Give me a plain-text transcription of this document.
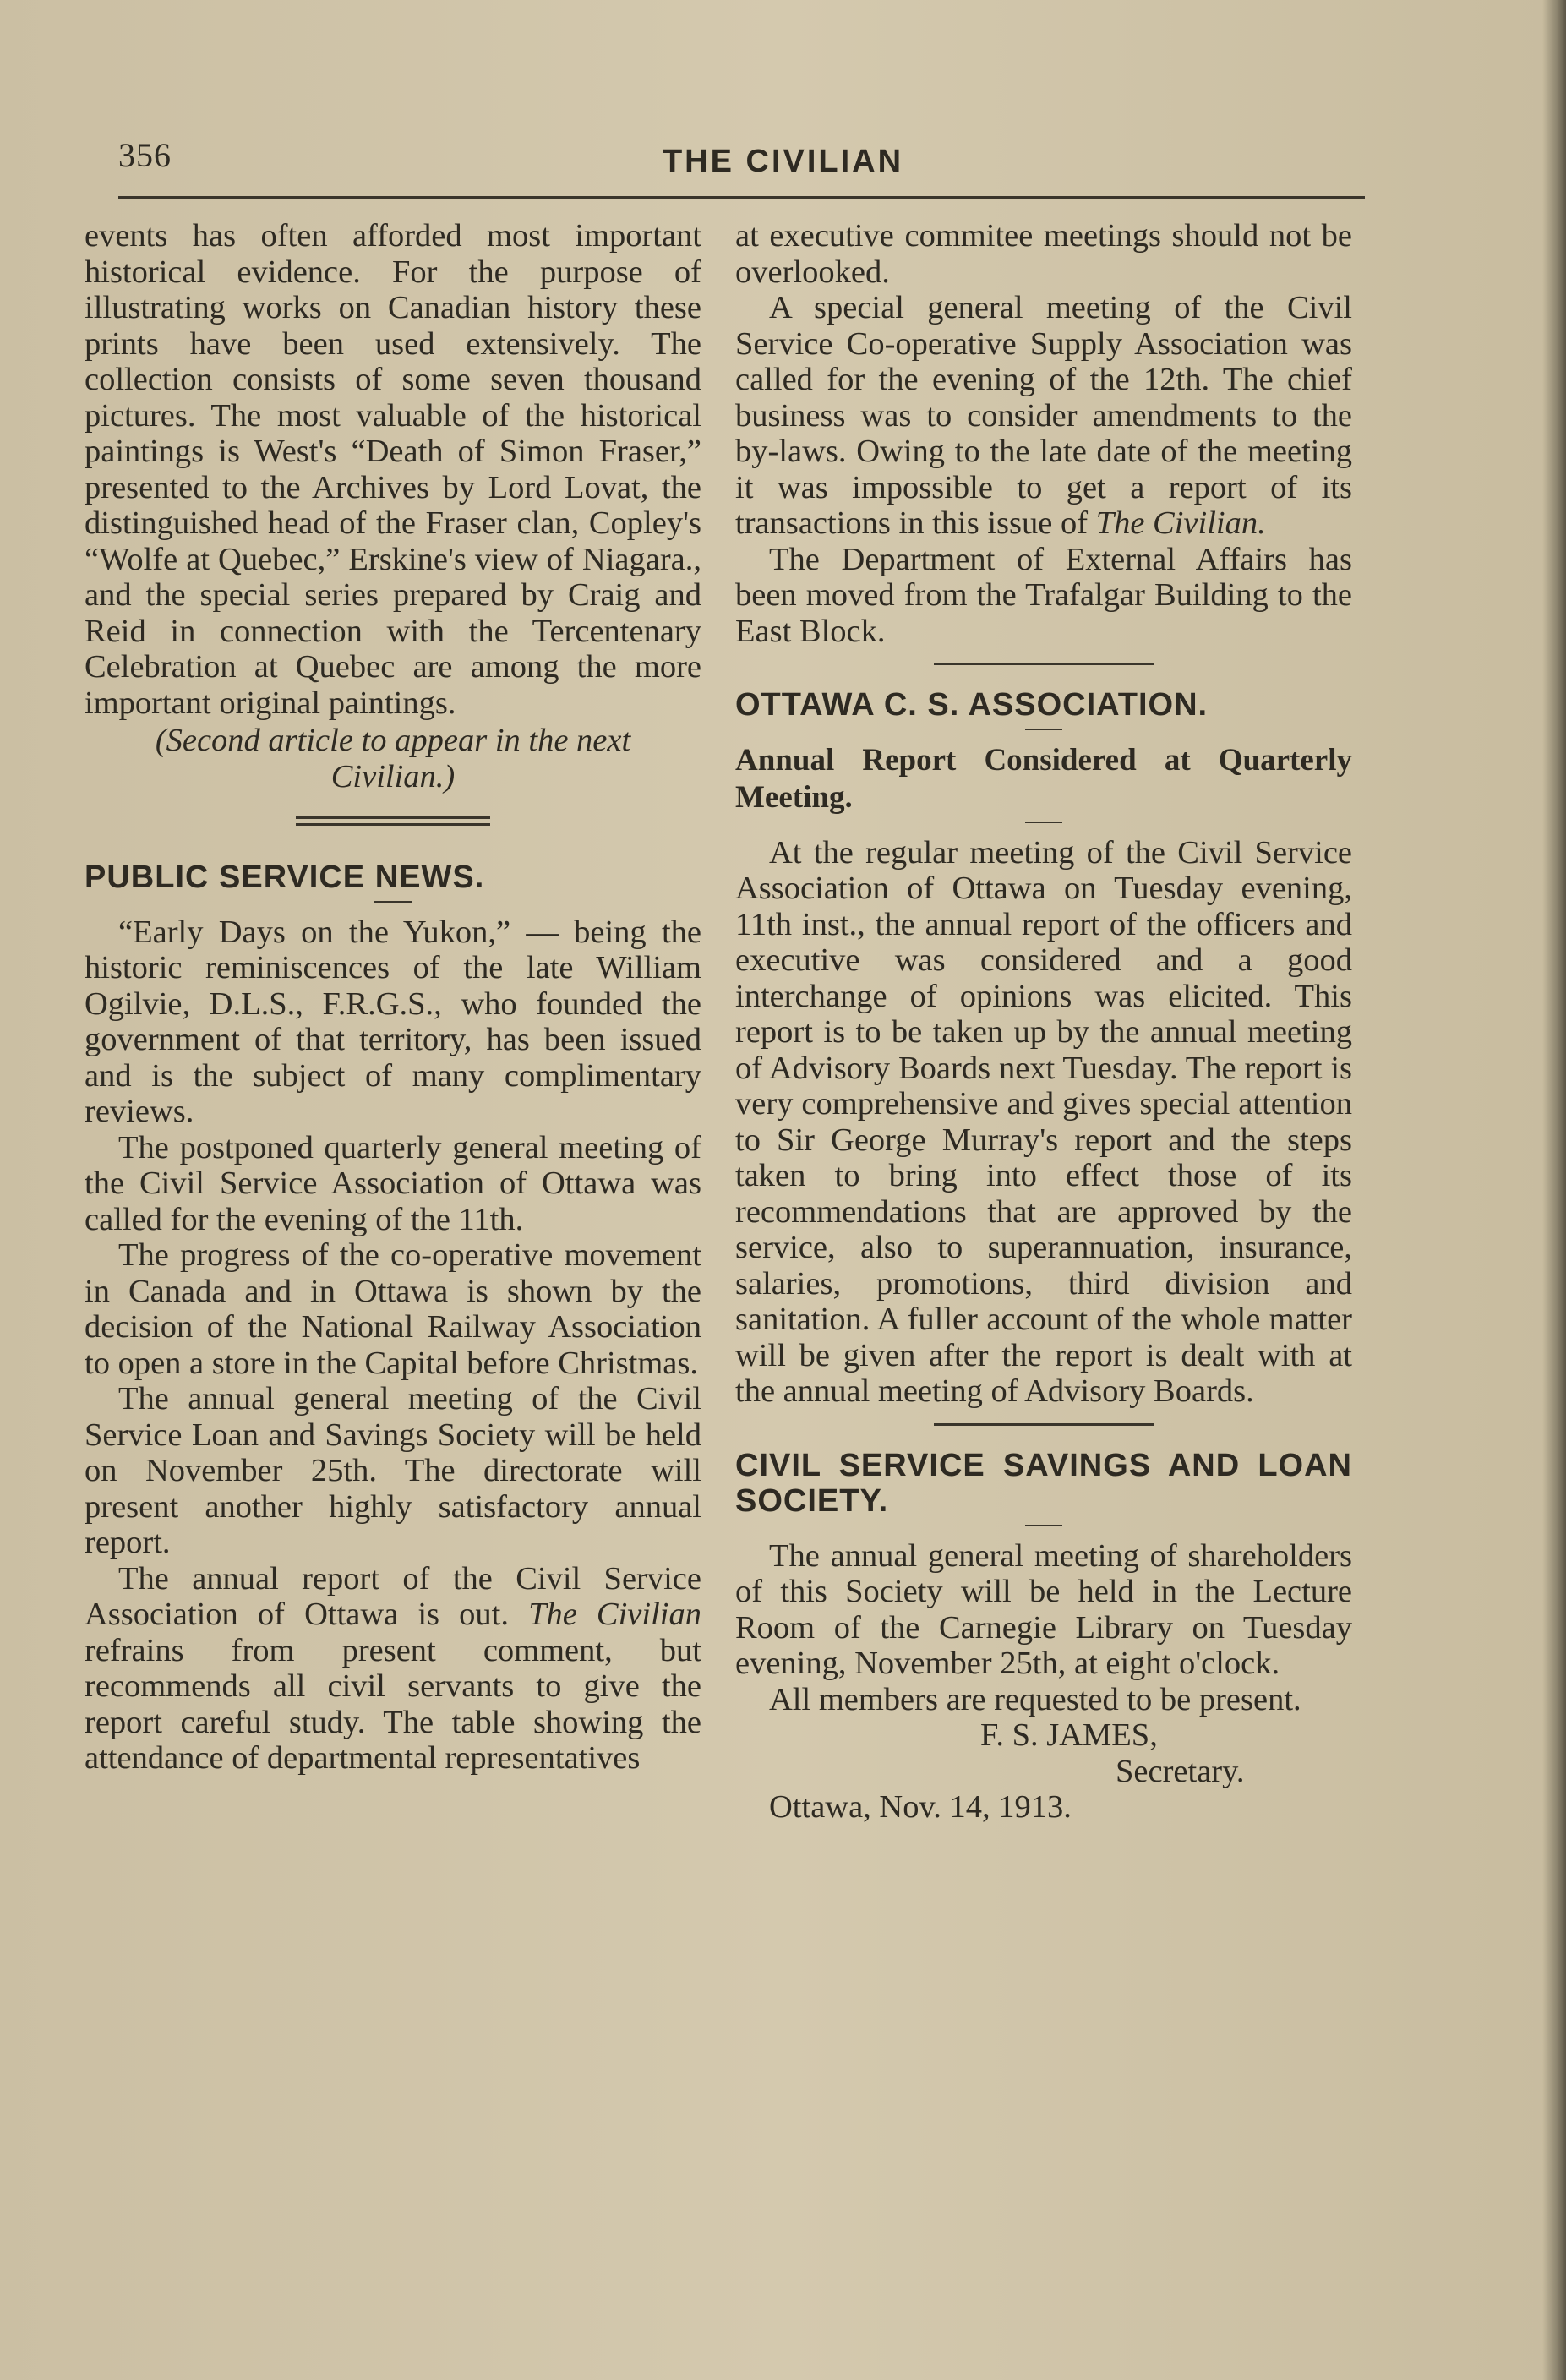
356	THE CIVILIAN

events has often afforded most important historical evidence. For the purpose of illustrating works on Canadian history these prints have been used extensively. The collection consists of some seven thousand pictures. The most valuable of the historical paintings is West's “Death of Simon Fraser,” presented to the Archives by Lord Lovat, the distinguished head of the Fraser clan, Copley's “Wolfe at Quebec,” Erskine's view of Niagara., and the special series prepared by Craig and Reid in connection with the Tercentenary Celebration at Quebec are among the more important original paintings.

(Second article to appear in the next Civilian.)

PUBLIC SERVICE NEWS.

“Early Days on the Yukon,” — being the historic reminiscences of the late William Ogilvie, D.L.S., F.R.G.S., who founded the government of that territory, has been issued and is the subject of many complimentary reviews.

The postponed quarterly general meeting of the Civil Service Association of Ottawa was called for the evening of the 11th.

The progress of the co-operative movement in Canada and in Ottawa is shown by the decision of the National Railway Association to open a store in the Capital before Christmas.

The annual general meeting of the Civil Service Loan and Savings Society will be held on November 25th. The directorate will present another highly satisfactory annual report.

The annual report of the Civil Service Association of Ottawa is out. The Civilian refrains from present comment, but recommends all civil servants to give the report careful study. The table showing the attendance of departmental representatives

at executive commitee meetings should not be overlooked.

A special general meeting of the Civil Service Co-operative Supply Association was called for the evening of the 12th. The chief business was to consider amendments to the by-laws. Owing to the late date of the meeting it was impossible to get a report of its transactions in this issue of The Civilian.

The Department of External Affairs has been moved from the Trafalgar Building to the East Block.

OTTAWA C. S. ASSOCIATION.

Annual Report Considered at Quarterly Meeting.

At the regular meeting of the Civil Service Association of Ottawa on Tuesday evening, 11th inst., the annual report of the officers and executive was considered and a good interchange of opinions was elicited. This report is to be taken up by the annual meeting of Advisory Boards next Tuesday. The report is very comprehensive and gives special attention to Sir George Murray's report and the steps taken to bring into effect those of its recommendations that are approved by the service, also to superannuation, insurance, salaries, promotions, third division and sanitation. A fuller account of the whole matter will be given after the report is dealt with at the annual meeting of Advisory Boards.

CIVIL SERVICE SAVINGS AND LOAN SOCIETY.

The annual general meeting of shareholders of this Society will be held in the Lecture Room of the Carnegie Library on Tuesday evening, November 25th, at eight o'clock.

All members are requested to be present.

F. S. JAMES,

Secretary.

Ottawa, Nov. 14, 1913.
